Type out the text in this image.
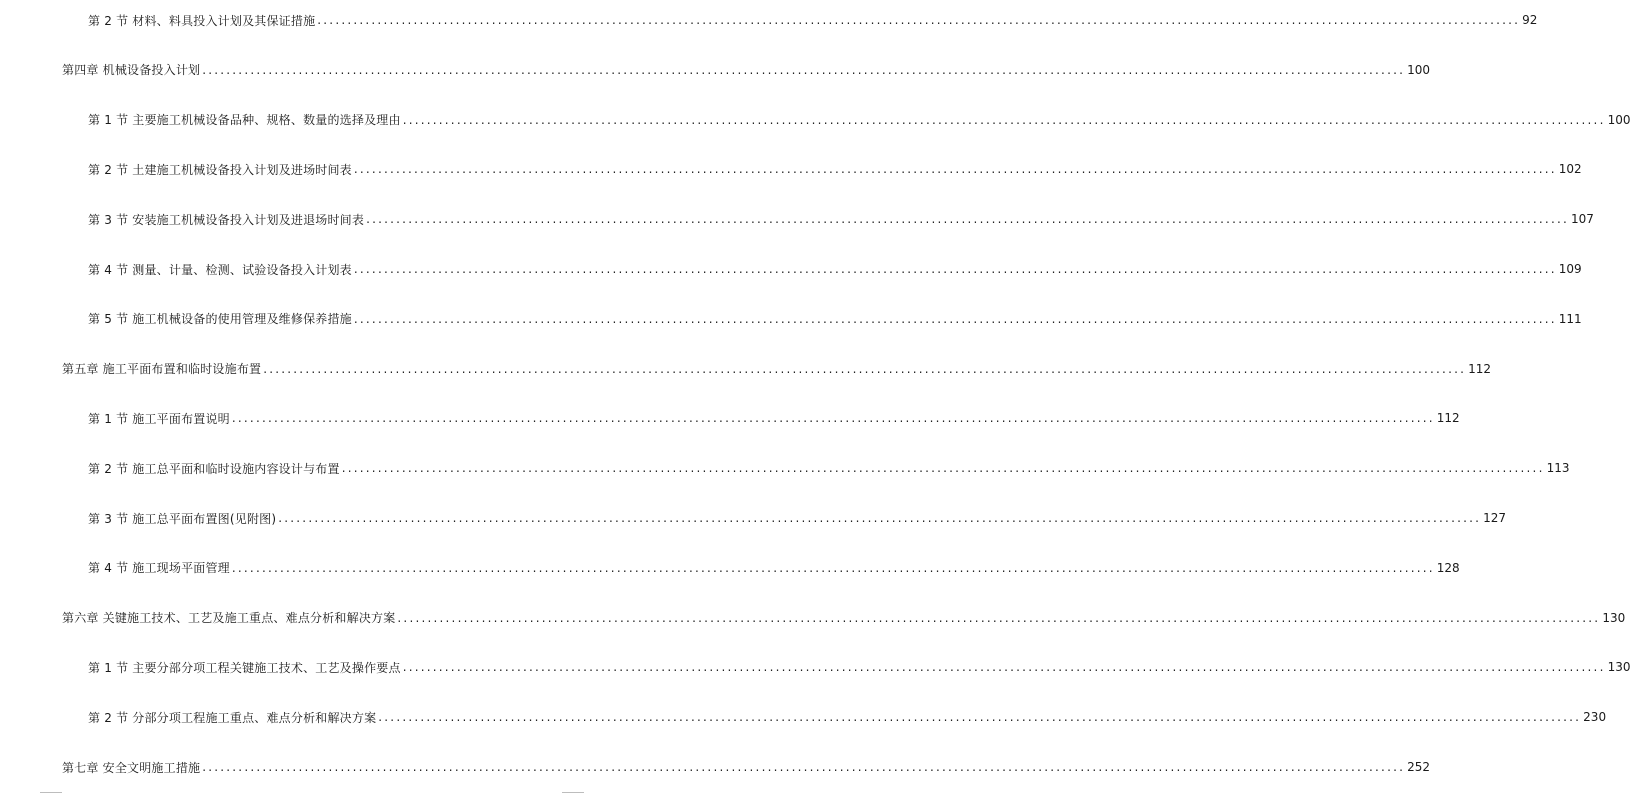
第 2 节 材料、料具投入计划及其保证措施 ........................................................................................................................................................................................................ 92
第四章 机械设备投入计划 ........................................................................................................................................................................................................ 100
第 1 节 主要施工机械设备品种、规格、数量的选择及理由 ........................................................................................................................................................................................................ 100
第 2 节 土建施工机械设备投入计划及进场时间表 ........................................................................................................................................................................................................ 102
第 3 节 安装施工机械设备投入计划及进退场时间表 ........................................................................................................................................................................................................ 107
第 4 节 测量、计量、检测、试验设备投入计划表 ........................................................................................................................................................................................................ 109
第 5 节 施工机械设备的使用管理及维修保养措施 ........................................................................................................................................................................................................ 111
第五章 施工平面布置和临时设施布置 ........................................................................................................................................................................................................ 112
第 1 节 施工平面布置说明 ........................................................................................................................................................................................................ 112
第 2 节 施工总平面和临时设施内容设计与布置 ........................................................................................................................................................................................................ 113
第 3 节 施工总平面布置图(见附图) ........................................................................................................................................................................................................ 127
第 4 节 施工现场平面管理 ........................................................................................................................................................................................................ 128
第六章 关键施工技术、工艺及施工重点、难点分析和解决方案 ........................................................................................................................................................................................................ 130
第 1 节 主要分部分项工程关键施工技术、工艺及操作要点 ........................................................................................................................................................................................................ 130
第 2 节 分部分项工程施工重点、难点分析和解决方案 ........................................................................................................................................................................................................ 230
第七章 安全文明施工措施 ........................................................................................................................................................................................................ 252
